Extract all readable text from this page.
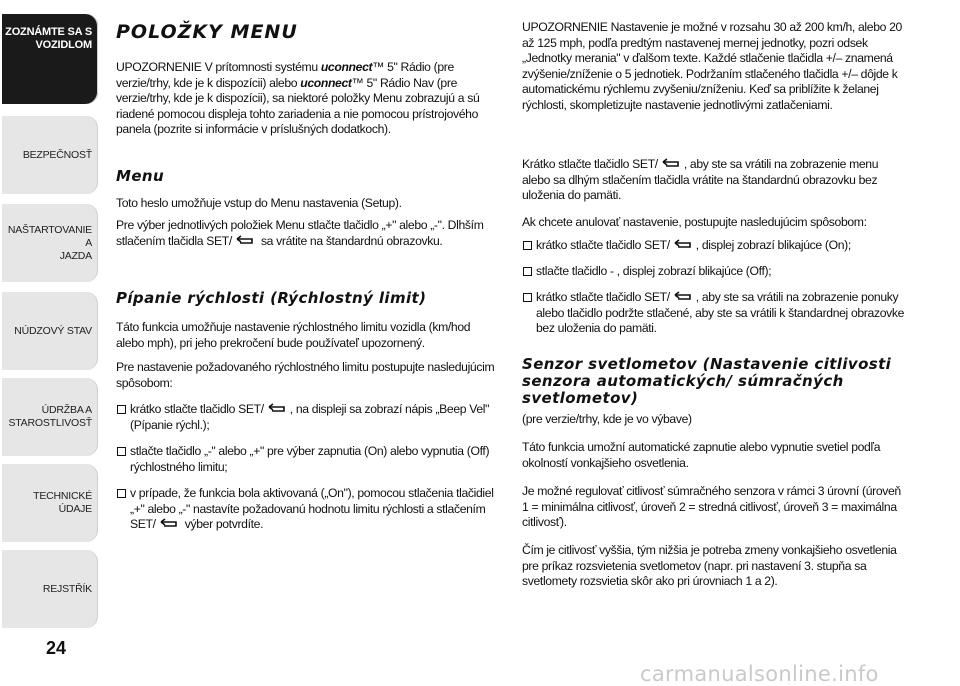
ZOZNÁMTE SA S
VOZIDLOM
BEZPEČNOSŤ
NAŠTARTOVANIE A
JAZDA
NÚDZOVÝ STAV
ÚDRŽBA A
STAROSTLIVOSŤ
TECHNICKÉ ÚDAJE
REJSTŘÍK
24
POLOŽKY MENU

UPOZORNENIE V prítomnosti systému uconnect™ 5" Rádio (pre verzie/trhy, kde je k dispozícii) alebo uconnect™ 5" Rádio Nav (pre verzie/trhy, kde je k dispozícii), sa niektoré položky Menu zobrazujú a sú riadené pomocou displeja tohto zariadenia a nie pomocou prístrojového panela (pozrite si informácie v príslušných dodatkoch).

Menu

Toto heslo umožňuje vstup do Menu nastavenia (Setup).

Pre výber jednotlivých položiek Menu stlačte tlačidlo „+" alebo „-". Dlhším stlačením tlačidla SET/ sa vrátite na štandardnú obrazovku.

Pípanie rýchlosti (Rýchlostný limit)

Táto funkcia umožňuje nastavenie rýchlostného limitu vozidla (km/hod alebo mph), pri jeho prekročení bude používateľ upozornený.

Pre nastavenie požadovaného rýchlostného limitu postupujte nasledujúcim spôsobom:

krátko stlačte tlačidlo SET/ , na displeji sa zobrazí nápis „Beep Vel" (Pípanie rýchl.);

stlačte tlačidlo „-" alebo „+" pre výber zapnutia (On) alebo vypnutia (Off) rýchlostného limitu;

v prípade, že funkcia bola aktivovaná („On"), pomocou stlačenia tlačidiel „+" alebo „-" nastavíte požadovanú hodnotu limitu rýchlosti a stlačením SET/ výber potvrdíte.

UPOZORNENIE Nastavenie je možné v rozsahu 30 až 200 km/h, alebo 20 až 125 mph, podľa predtým nastavenej mernej jednotky, pozri odsek „Jednotky merania" v ďalšom texte. Každé stlačenie tlačidla +/– znamená zvýšenie/zníženie o 5 jednotiek. Podržaním stlačeného tlačidla +/– dôjde k automatickému rýchlemu zvyšeniu/zníženiu. Keď sa priblížite k želanej rýchlosti, skompletizujte nastavenie jednotlivými zatlačeniami.

Krátko stlačte tlačidlo SET/ , aby ste sa vrátili na zobrazenie menu alebo sa dlhým stlačením tlačidla vrátite na štandardnú obrazovku bez uloženia do pamäti.

Ak chcete anulovať nastavenie, postupujte nasledujúcim spôsobom:

krátko stlačte tlačidlo SET/ , displej zobrazí blikajúce (On);

stlačte tlačidlo - , displej zobrazí blikajúce (Off);

krátko stlačte tlačidlo SET/ , aby ste sa vrátili na zobrazenie ponuky alebo tlačidlo podržte stlačené, aby ste sa vrátili k štandardnej obrazovke bez uloženia do pamäti.

Senzor svetlometov (Nastavenie citlivosti senzora automatických/ súmračných svetlometov)

(pre verzie/trhy, kde je vo výbave)

Táto funkcia umožní automatické zapnutie alebo vypnutie svetiel podľa okolností vonkajšieho osvetlenia.

Je možné regulovať citlivosť súmračného senzora v rámci 3 úrovní (úroveň 1 = minimálna citlivosť, úroveň 2 = stredná citlivosť, úroveň 3 = maximálna citlivosť).

Čím je citlivosť vyššia, tým nižšia je potreba zmeny vonkajšieho osvetlenia pre príkaz rozsvietenia svetlometov (napr. pri nastavení 3. stupňa sa svetlomety rozsvietia skôr ako pri úrovniach 1 a 2).

carmanualsonline.info
